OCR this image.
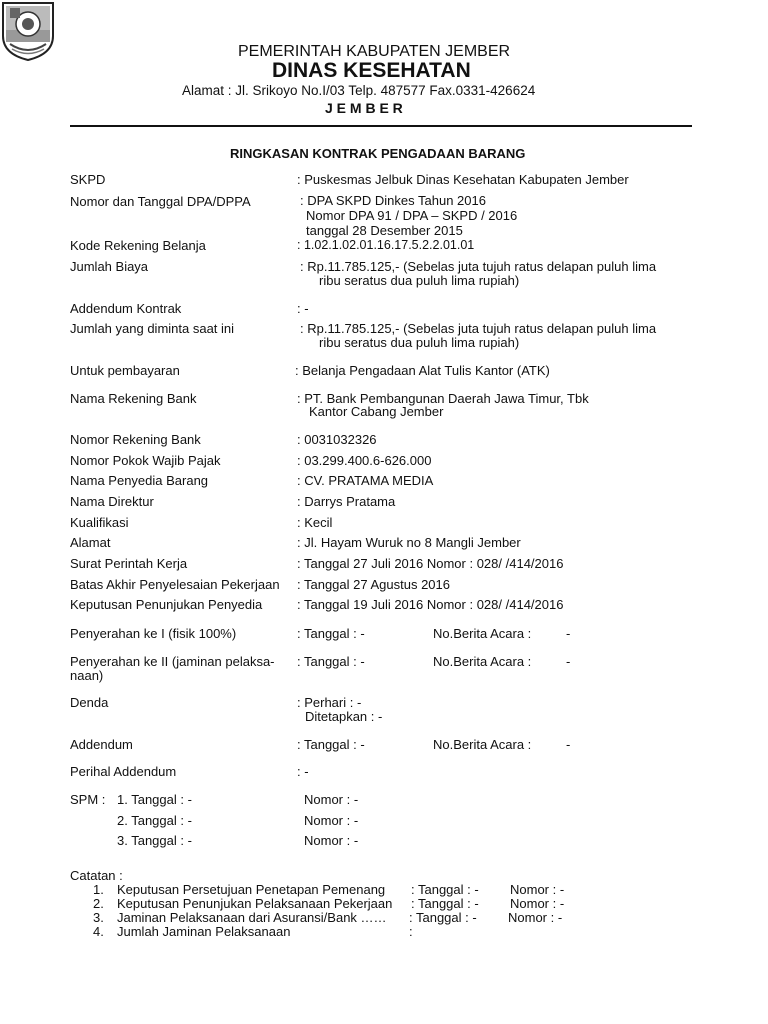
PEMERINTAH KABUPATEN JEMBER
DINAS KESEHATAN
Alamat : Jl. Srikoyo No.I/03 Telp. 487577 Fax.0331-426624
J E M B E R
RINGKASAN KONTRAK PENGADAAN BARANG
SKPD	: Puskesmas Jelbuk Dinas Kesehatan Kabupaten Jember
Nomor dan Tanggal DPA/DPPA	: DPA SKPD Dinkes Tahun 2016
Nomor DPA 91 / DPA – SKPD / 2016
tanggal 28 Desember 2015
Kode Rekening Belanja	: 1.02.1.02.01.16.17.5.2.2.01.01
Jumlah Biaya	: Rp.11.785.125,- (Sebelas juta tujuh ratus delapan puluh lima
ribu seratus dua puluh lima rupiah)
Addendum Kontrak	: -
Jumlah yang diminta saat ini	: Rp.11.785.125,- (Sebelas juta tujuh ratus delapan puluh lima
ribu seratus dua puluh lima rupiah)
Untuk pembayaran	: Belanja Pengadaan Alat Tulis Kantor (ATK)
Nama Rekening Bank	: PT. Bank Pembangunan Daerah Jawa Timur, Tbk
Kantor Cabang Jember
Nomor Rekening Bank	: 0031032326
Nomor Pokok Wajib Pajak	: 03.299.400.6-626.000
Nama Penyedia Barang	: CV. PRATAMA MEDIA
Nama Direktur	: Darrys Pratama
Kualifikasi	: Kecil
Alamat	: Jl. Hayam Wuruk no 8 Mangli Jember
Surat Perintah Kerja	: Tanggal 27 Juli 2016 Nomor : 028/ /414/2016
Batas Akhir Penyelesaian Pekerjaan : Tanggal 27 Agustus 2016
Keputusan Penunjukan Penyedia	: Tanggal 19 Juli 2016 Nomor : 028/ /414/2016
Penyerahan ke I (fisik 100%)	: Tanggal : -	No.Berita Acara :	-
Penyerahan ke II (jaminan pelaksa-
naan)
: Tanggal : -	No.Berita Acara :	-
Denda	: Perhari : -
Ditetapkan : -
Addendum	: Tanggal : -	No.Berita Acara :	-
Perihal Addendum	: -
SPM : 1. Tanggal : -	Nomor : -
2. Tanggal : -	Nomor : -
3. Tanggal : -	Nomor : -
Catatan :
1. Keputusan Persetujuan Penetapan Pemenang : Tanggal : - Nomor : -
2. Keputusan Penunjukan Pelaksanaan Pekerjaan : Tanggal : - Nomor : -
3. Jaminan Pelaksanaan dari Asuransi/Bank …… : Tanggal : - Nomor : -
4. Jumlah Jaminan Pelaksanaan	:
